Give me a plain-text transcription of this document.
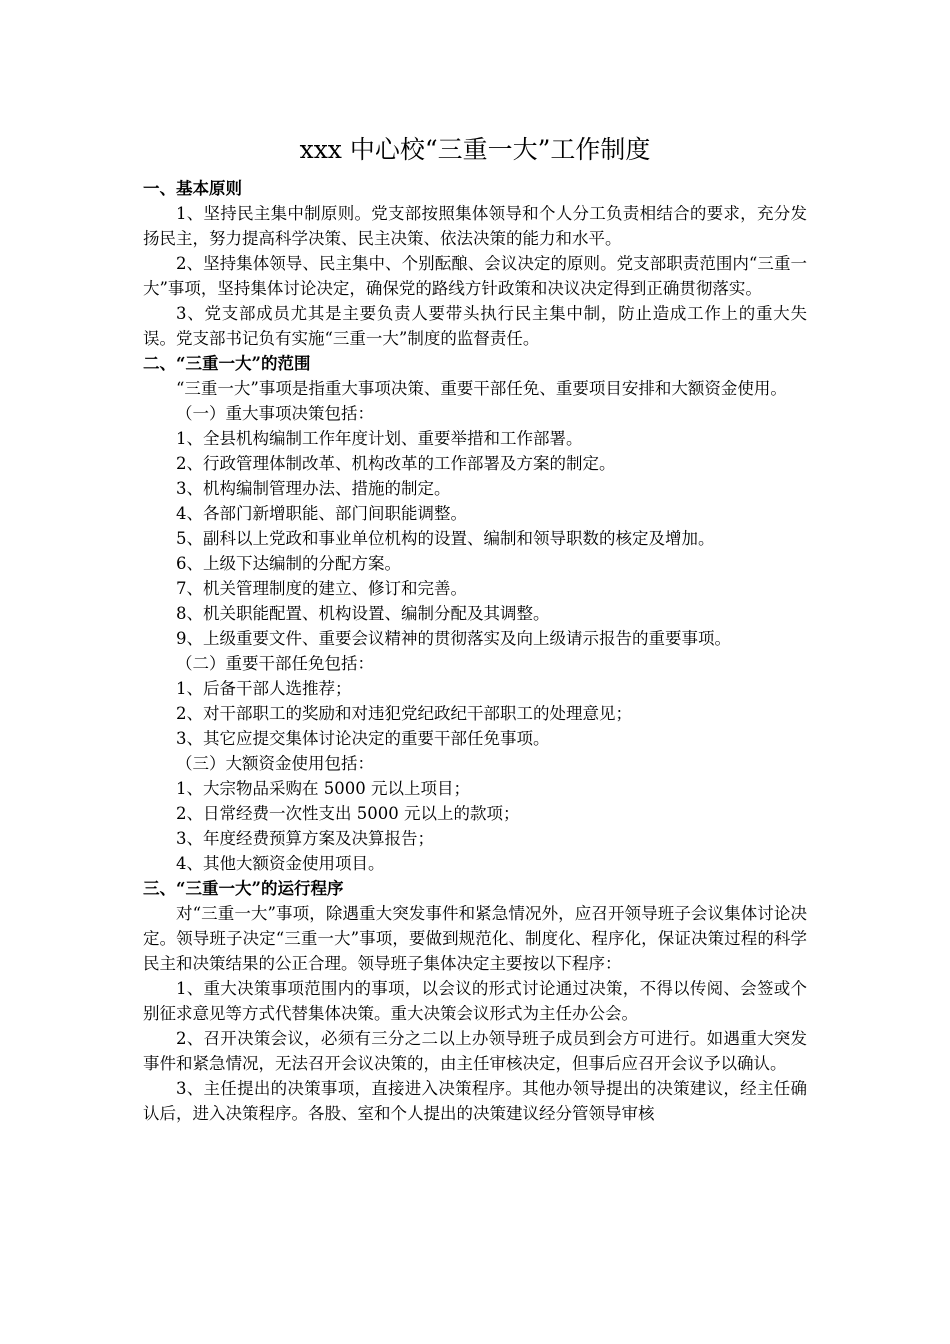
xxx 中心校“三重一大”工作制度

一、基本原则

1、坚持民主集中制原则。党支部按照集体领导和个人分工负责相结合的要求，充分发扬民主，努力提高科学决策、民主决策、依法决策的能力和水平。

2、坚持集体领导、民主集中、个别酝酿、会议决定的原则。党支部职责范围内“三重一大”事项，坚持集体讨论决定，确保党的路线方针政策和决议决定得到正确贯彻落实。

3、党支部成员尤其是主要负责人要带头执行民主集中制，防止造成工作上的重大失误。党支部书记负有实施“三重一大”制度的监督责任。

二、“三重一大”的范围

“三重一大”事项是指重大事项决策、重要干部任免、重要项目安排和大额资金使用。

（一）重大事项决策包括：

1、全县机构编制工作年度计划、重要举措和工作部署。

2、行政管理体制改革、机构改革的工作部署及方案的制定。

3、机构编制管理办法、措施的制定。

4、各部门新增职能、部门间职能调整。

5、副科以上党政和事业单位机构的设置、编制和领导职数的核定及增加。

6、上级下达编制的分配方案。

7、机关管理制度的建立、修订和完善。

8、机关职能配置、机构设置、编制分配及其调整。

9、上级重要文件、重要会议精神的贯彻落实及向上级请示报告的重要事项。

（二）重要干部任免包括：

1、后备干部人选推荐；

2、对干部职工的奖励和对违犯党纪政纪干部职工的处理意见；

3、其它应提交集体讨论决定的重要干部任免事项。

（三）大额资金使用包括：

1、大宗物品采购在 5000 元以上项目；

2、日常经费一次性支出 5000 元以上的款项；

3、年度经费预算方案及决算报告；

4、其他大额资金使用项目。

三、“三重一大”的运行程序

对“三重一大”事项，除遇重大突发事件和紧急情况外，应召开领导班子会议集体讨论决定。领导班子决定“三重一大”事项，要做到规范化、制度化、程序化，保证决策过程的科学民主和决策结果的公正合理。领导班子集体决定主要按以下程序：

1、重大决策事项范围内的事项，以会议的形式讨论通过决策，不得以传阅、会签或个别征求意见等方式代替集体决策。重大决策会议形式为主任办公会。

2、召开决策会议，必须有三分之二以上办领导班子成员到会方可进行。如遇重大突发事件和紧急情况，无法召开会议决策的，由主任审核决定，但事后应召开会议予以确认。

3、主任提出的决策事项，直接进入决策程序。其他办领导提出的决策建议，经主任确认后，进入决策程序。各股、室和个人提出的决策建议经分管领导审核
